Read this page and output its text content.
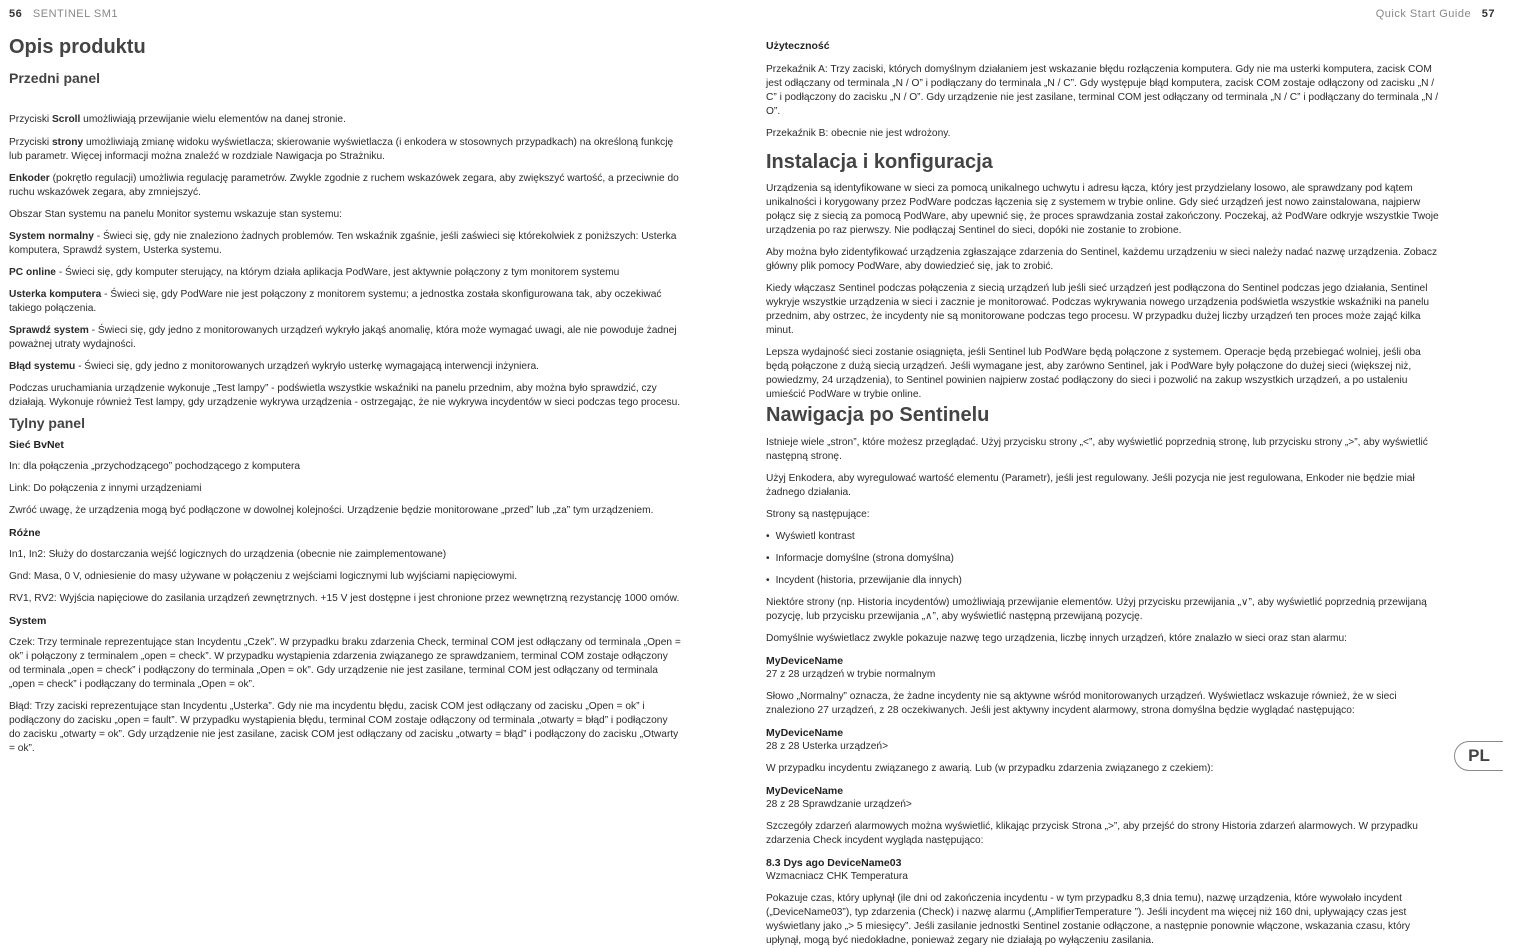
56 SENTINEL SM1

Opis produktu

Przedni panel

Przyciski Scroll umożliwiają przewijanie wielu elementów na danej stronie.

Przyciski strony umożliwiają zmianę widoku wyświetlacza; skierowanie wyświetlacza (i enkodera w stosownych przypadkach) na określoną funkcję lub parametr. Więcej informacji można znaleźć w rozdziale Nawigacja po Strażniku.

Enkoder (pokrętło regulacji) umożliwia regulację parametrów. Zwykle zgodnie z ruchem wskazówek zegara, aby zwiększyć wartość, a przeciwnie do ruchu wskazówek zegara, aby zmniejszyć.

Obszar Stan systemu na panelu Monitor systemu wskazuje stan systemu:

System normalny - Świeci się, gdy nie znaleziono żadnych problemów. Ten wskaźnik zgaśnie, jeśli zaświeci się którekolwiek z poniższych: Usterka komputera, Sprawdź system, Usterka systemu.

PC online - Świeci się, gdy komputer sterujący, na którym działa aplikacja PodWare, jest aktywnie połączony z tym monitorem systemu

Usterka komputera - Świeci się, gdy PodWare nie jest połączony z monitorem systemu; a jednostka została skonfigurowana tak, aby oczekiwać takiego połączenia.

Sprawdź system - Świeci się, gdy jedno z monitorowanych urządzeń wykryło jakąś anomalię, która może wymagać uwagi, ale nie powoduje żadnej poważnej utraty wydajności.

Błąd systemu - Świeci się, gdy jedno z monitorowanych urządzeń wykryło usterkę wymagającą interwencji inżyniera.

Podczas uruchamiania urządzenie wykonuje „Test lampy” - podświetla wszystkie wskaźniki na panelu przednim, aby można było sprawdzić, czy działają. Wykonuje również Test lampy, gdy urządzenie wykrywa urządzenia - ostrzegając, że nie wykrywa incydentów w sieci podczas tego procesu.

Tylny panel

Sieć BvNet

In: dla połączenia „przychodzącego” pochodzącego z komputera

Link: Do połączenia z innymi urządzeniami

Zwróć uwagę, że urządzenia mogą być podłączone w dowolnej kolejności. Urządzenie będzie monitorowane „przed” lub „za” tym urządzeniem.

Różne

In1, In2: Służy do dostarczania wejść logicznych do urządzenia (obecnie nie zaimplementowane)

Gnd: Masa, 0 V, odniesienie do masy używane w połączeniu z wejściami logicznymi lub wyjściami napięciowymi.

RV1, RV2: Wyjścia napięciowe do zasilania urządzeń zewnętrznych. +15 V jest dostępne i jest chronione przez wewnętrzną rezystancję 1000 omów.

System

Czek: Trzy terminale reprezentujące stan Incydentu „Czek”. W przypadku braku zdarzenia Check, terminal COM jest odłączany od terminala „Open = ok” i połączony z terminalem „open = check”. W przypadku wystąpienia zdarzenia związanego ze sprawdzaniem, terminal COM zostaje odłączony od terminala „open = check” i podłączony do terminala „Open = ok”. Gdy urządzenie nie jest zasilane, terminal COM jest odłączany od terminala „open = check” i podłączany do terminala „Open = ok”.

Błąd: Trzy zaciski reprezentujące stan Incydentu „Usterka”. Gdy nie ma incydentu błędu, zacisk COM jest odłączany od zacisku „Open = ok” i podłączony do zacisku „open = fault”. W przypadku wystąpienia błędu, terminal COM zostaje odłączony od terminala „otwarty = błąd” i podłączony do zacisku „otwarty = ok”. Gdy urządzenie nie jest zasilane, zacisk COM jest odłączany od zacisku „otwarty = błąd” i podłączony do zacisku „Otwarty = ok”.

Quick Start Guide 57

Użyteczność

Przekaźnik A: Trzy zaciski, których domyślnym działaniem jest wskazanie błędu rozłączenia komputera. Gdy nie ma usterki komputera, zacisk COM jest odłączany od terminala „N / O” i podłączany do terminala „N / C”. Gdy występuje błąd komputera, zacisk COM zostaje odłączony od zacisku „N / C” i podłączony do zacisku „N / O”. Gdy urządzenie nie jest zasilane, terminal COM jest odłączany od terminala „N / C” i podłączany do terminala „N / O”.

Przekaźnik B: obecnie nie jest wdrożony.

Instalacja i konfiguracja

Urządzenia są identyfikowane w sieci za pomocą unikalnego uchwytu i adresu łącza, który jest przydzielany losowo, ale sprawdzany pod kątem unikalności i korygowany przez PodWare podczas łączenia się z systemem w trybie online. Gdy sieć urządzeń jest nowo zainstalowana, najpierw połącz się z siecią za pomocą PodWare, aby upewnić się, że proces sprawdzania został zakończony. Poczekaj, aż PodWare odkryje wszystkie Twoje urządzenia po raz pierwszy. Nie podłączaj Sentinel do sieci, dopóki nie zostanie to zrobione.

Aby można było zidentyfikować urządzenia zgłaszające zdarzenia do Sentinel, każdemu urządzeniu w sieci należy nadać nazwę urządzenia. Zobacz główny plik pomocy PodWare, aby dowiedzieć się, jak to zrobić.

Kiedy włączasz Sentinel podczas połączenia z siecią urządzeń lub jeśli sieć urządzeń jest podłączona do Sentinel podczas jego działania, Sentinel wykryje wszystkie urządzenia w sieci i zacznie je monitorować. Podczas wykrywania nowego urządzenia podświetla wszystkie wskaźniki na panelu przednim, aby ostrzec, że incydenty nie są monitorowane podczas tego procesu. W przypadku dużej liczby urządzeń ten proces może zająć kilka minut.

Lepsza wydajność sieci zostanie osiągnięta, jeśli Sentinel lub PodWare będą połączone z systemem. Operacje będą przebiegać wolniej, jeśli oba będą połączone z dużą siecią urządzeń. Jeśli wymagane jest, aby zarówno Sentinel, jak i PodWare były połączone do dużej sieci (większej niż, powiedzmy, 24 urządzenia), to Sentinel powinien najpierw zostać podłączony do sieci i pozwolić na zakup wszystkich urządzeń, a po ustaleniu umieścić PodWare w trybie online.

Nawigacja po Sentinelu

Istnieje wiele „stron”, które możesz przeglądać. Użyj przycisku strony „<”, aby wyświetlić poprzednią stronę, lub przycisku strony „>”, aby wyświetlić następną stronę.

Użyj Enkodera, aby wyregulować wartość elementu (Parametr), jeśli jest regulowany. Jeśli pozycja nie jest regulowana, Enkoder nie będzie miał żadnego działania.

Strony są następujące:

• Wyświetl kontrast
• Informacje domyślne (strona domyślna)
• Incydent (historia, przewijanie dla innych)

Niektóre strony (np. Historia incydentów) umożliwiają przewijanie elementów. Użyj przycisku przewijania „∨”, aby wyświetlić poprzednią przewijaną pozycję, lub przycisku przewijania „∧”, aby wyświetlić następną przewijaną pozycję.

Domyślnie wyświetlacz zwykle pokazuje nazwę tego urządzenia, liczbę innych urządzeń, które znalazło w sieci oraz stan alarmu:

MyDeviceName

27 z 28 urządzeń w trybie normalnym

Słowo „Normalny” oznacza, że żadne incydenty nie są aktywne wśród monitorowanych urządzeń. Wyświetlacz wskazuje również, że w sieci znaleziono 27 urządzeń, z 28 oczekiwanych. Jeśli jest aktywny incydent alarmowy, strona domyślna będzie wyglądać następująco:

MyDeviceName

28 z 28 Usterka urządzeń>

W przypadku incydentu związanego z awarią. Lub (w przypadku zdarzenia związanego z czekiem):

MyDeviceName

28 z 28 Sprawdzanie urządzeń>

Szczegóły zdarzeń alarmowych można wyświetlić, klikając przycisk Strona „>”, aby przejść do strony Historia zdarzeń alarmowych. W przypadku zdarzenia Check incydent wygląda następująco:

8.3 Dys ago DeviceName03

Wzmacniacz CHK Temperatura

Pokazuje czas, który upłynął (ile dni od zakończenia incydentu - w tym przypadku 8,3 dnia temu), nazwę urządzenia, które wywołało incydent („DeviceName03”), typ zdarzenia (Check) i nazwę alarmu („AmplifierTemperature ”). Jeśli incydent ma więcej niż 160 dni, upływający czas jest wyświetlany jako „> 5 miesięcy”. Jeśli zasilanie jednostki Sentinel zostanie odłączone, a następnie ponownie włączone, wskazania czasu, który upłynął, mogą być niedokładne, ponieważ zegary nie działają po wyłączeniu zasilania.

PL
